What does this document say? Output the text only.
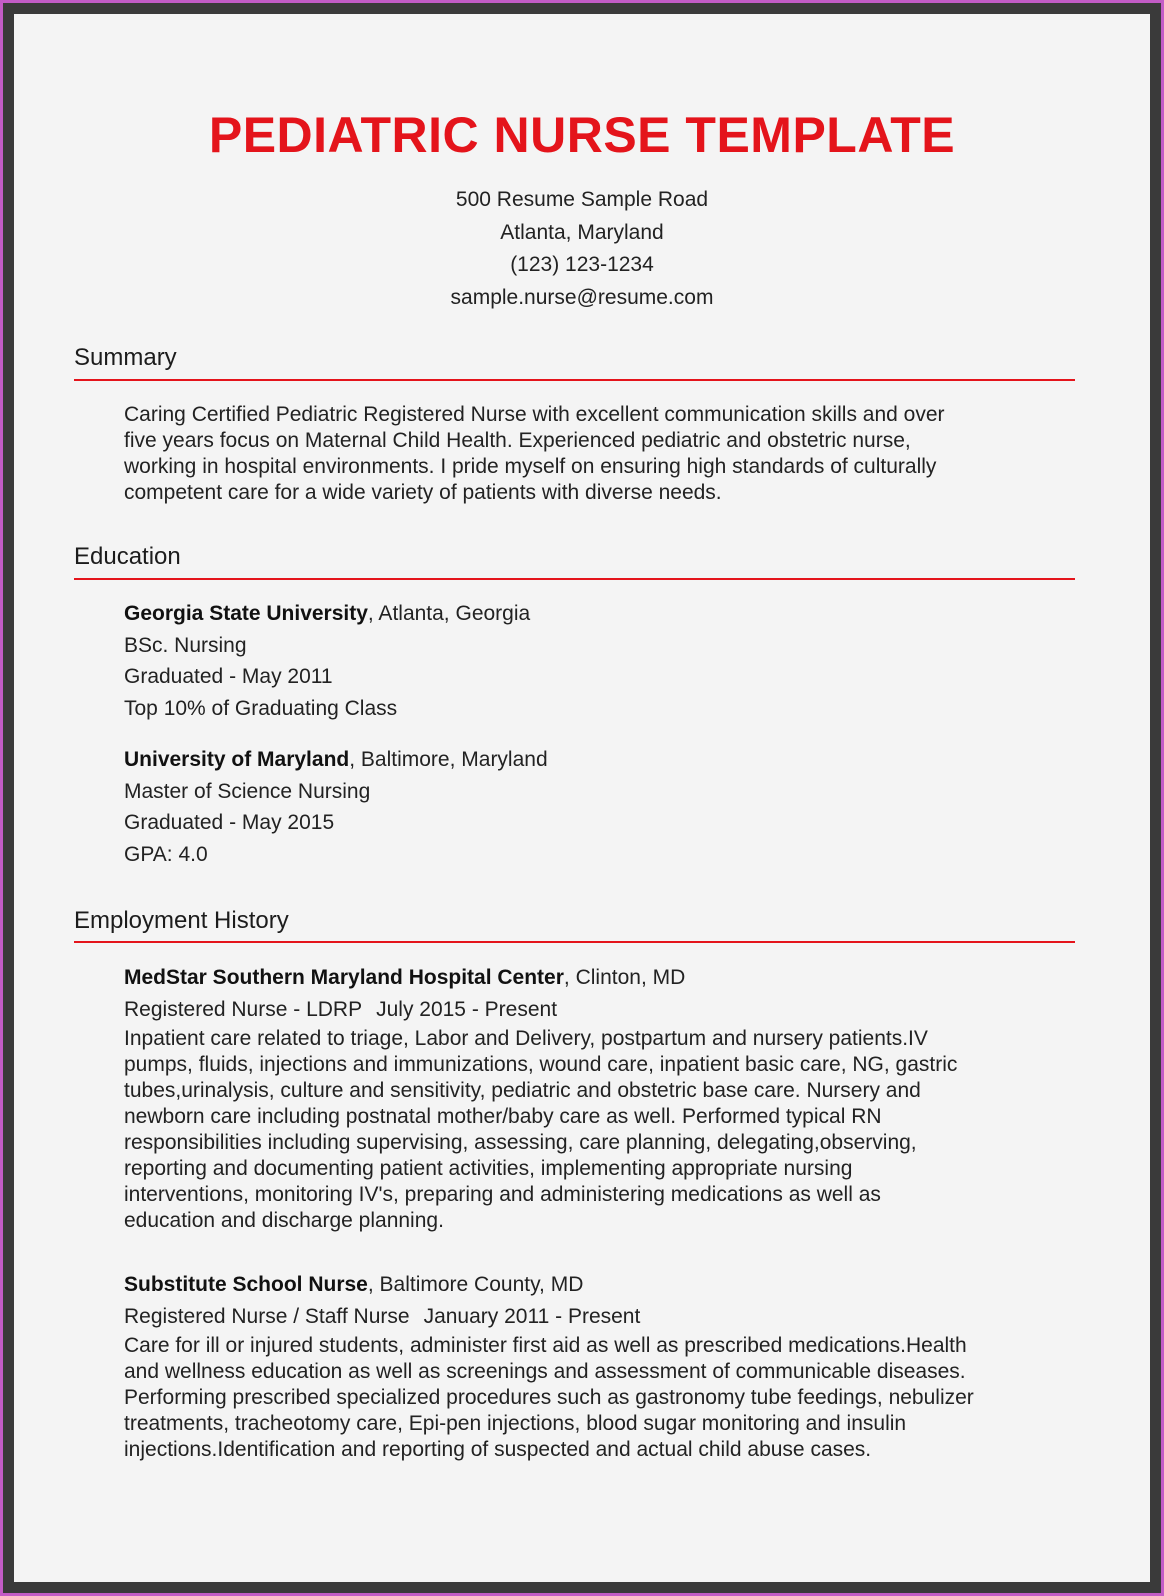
PEDIATRIC NURSE TEMPLATE
500 Resume Sample Road
Atlanta, Maryland
(123) 123-1234
sample.nurse@resume.com
Summary
Caring Certified Pediatric Registered Nurse with excellent communication skills and over
five years focus on Maternal Child Health. Experienced pediatric and obstetric nurse,
working in hospital environments. I pride myself on ensuring high standards of culturally
competent care for a wide variety of patients with diverse needs.
Education
Georgia State University, Atlanta, Georgia
BSc. Nursing
Graduated - May 2011
Top 10% of Graduating Class
University of Maryland, Baltimore, Maryland
Master of Science Nursing
Graduated - May 2015
GPA: 4.0
Employment History
MedStar Southern Maryland Hospital Center, Clinton, MD
Registered Nurse - LDRP July 2015 - Present
Inpatient care related to triage, Labor and Delivery, postpartum and nursery patients.IV
pumps, fluids, injections and immunizations, wound care, inpatient basic care, NG, gastric
tubes,urinalysis, culture and sensitivity, pediatric and obstetric base care. Nursery and
newborn care including postnatal mother/baby care as well. Performed typical RN
responsibilities including supervising, assessing, care planning, delegating,observing,
reporting and documenting patient activities, implementing appropriate nursing
interventions, monitoring IV's, preparing and administering medications as well as
education and discharge planning.
Substitute School Nurse, Baltimore County, MD
Registered Nurse / Staff Nurse January 2011 - Present
Care for ill or injured students, administer first aid as well as prescribed medications.Health
and wellness education as well as screenings and assessment of communicable diseases.
Performing prescribed specialized procedures such as gastronomy tube feedings, nebulizer
treatments, tracheotomy care, Epi-pen injections, blood sugar monitoring and insulin
injections.Identification and reporting of suspected and actual child abuse cases.
